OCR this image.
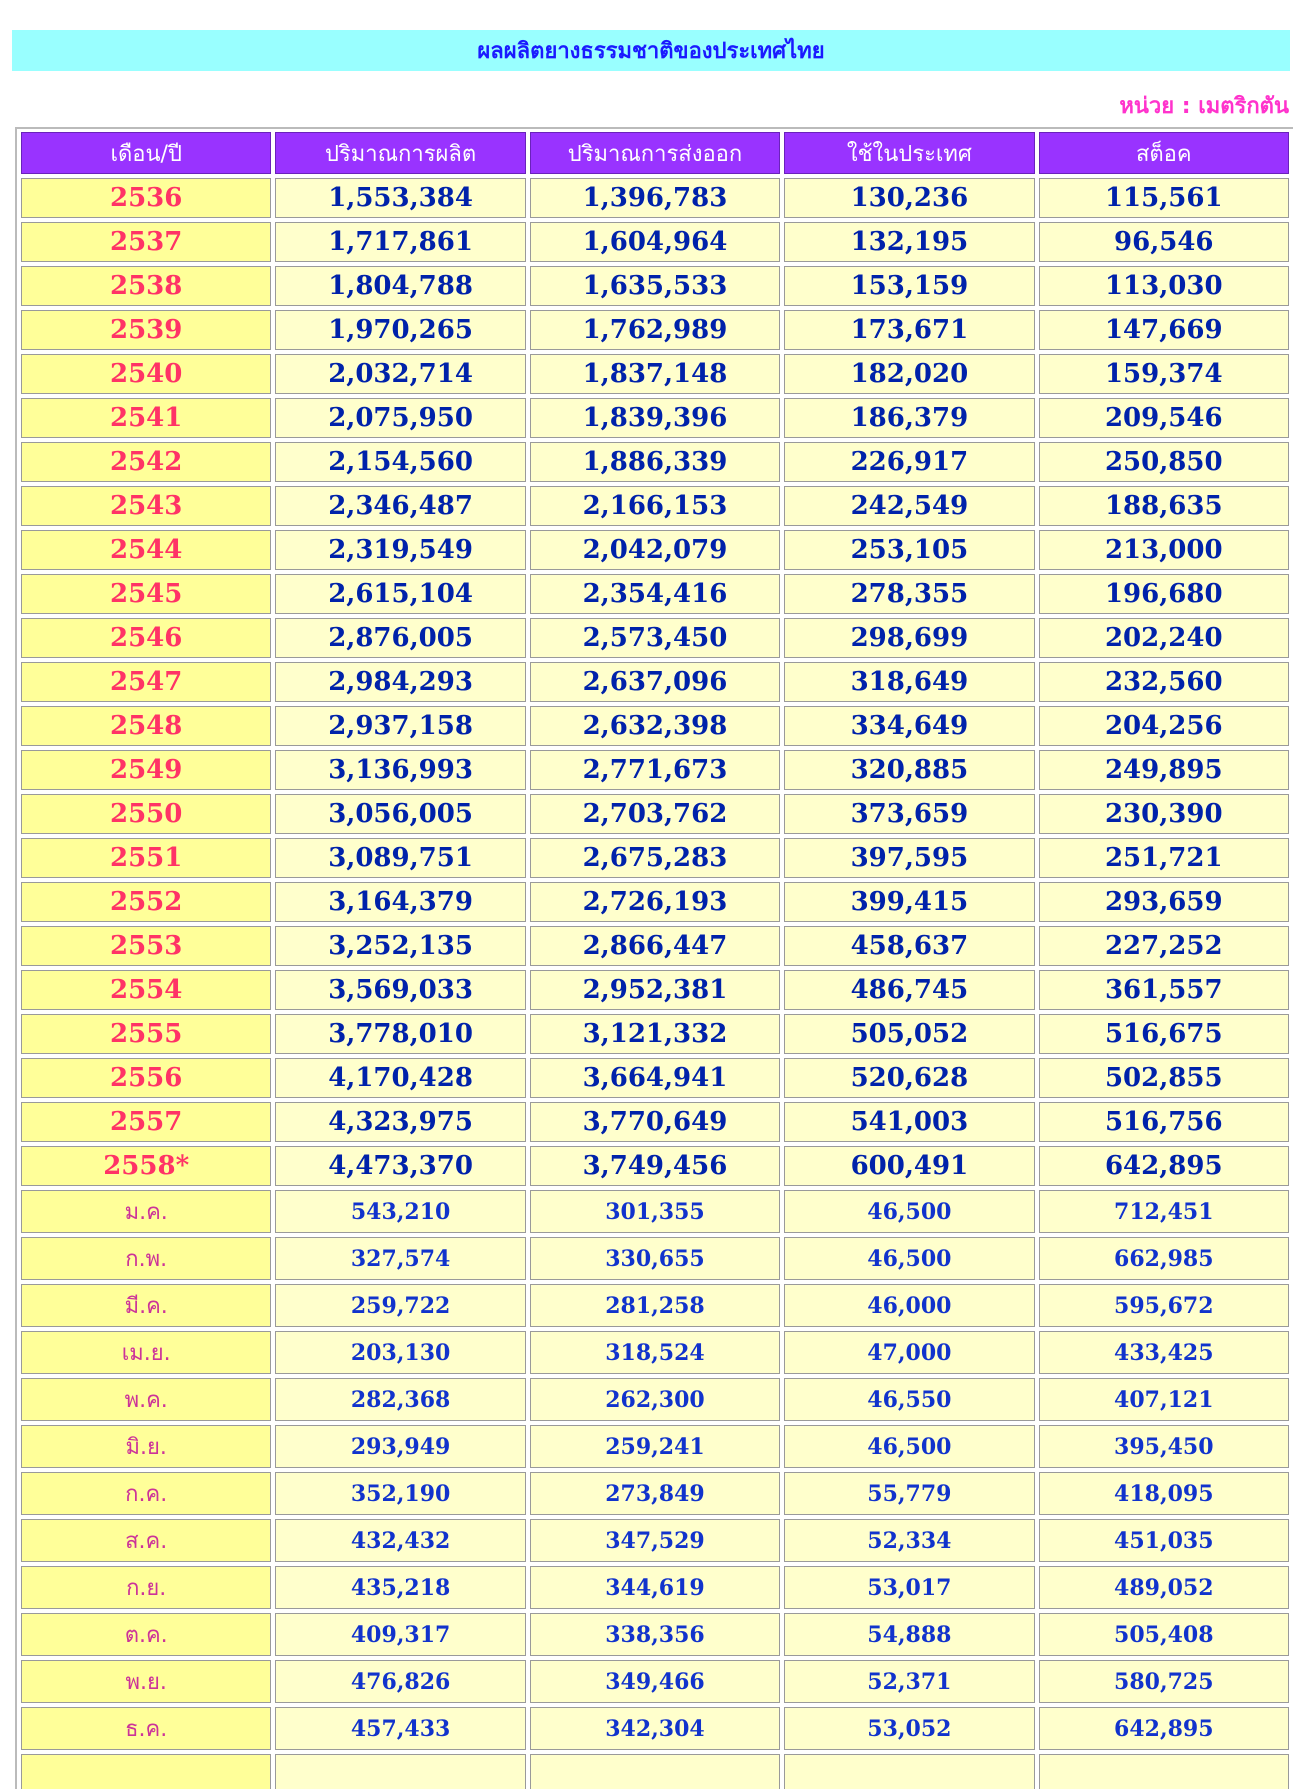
ผลผลิตยางธรรมชาติของประเทศไทย
หน่วย : เมตริกตัน
เดือน/ปี	ปริมาณการผลิต	ปริมาณการส่งออก	ใช้ในประเทศ	สต็อค
2536	1,553,384	1,396,783	130,236	115,561
2537	1,717,861	1,604,964	132,195	96,546
2538	1,804,788	1,635,533	153,159	113,030
2539	1,970,265	1,762,989	173,671	147,669
2540	2,032,714	1,837,148	182,020	159,374
2541	2,075,950	1,839,396	186,379	209,546
2542	2,154,560	1,886,339	226,917	250,850
2543	2,346,487	2,166,153	242,549	188,635
2544	2,319,549	2,042,079	253,105	213,000
2545	2,615,104	2,354,416	278,355	196,680
2546	2,876,005	2,573,450	298,699	202,240
2547	2,984,293	2,637,096	318,649	232,560
2548	2,937,158	2,632,398	334,649	204,256
2549	3,136,993	2,771,673	320,885	249,895
2550	3,056,005	2,703,762	373,659	230,390
2551	3,089,751	2,675,283	397,595	251,721
2552	3,164,379	2,726,193	399,415	293,659
2553	3,252,135	2,866,447	458,637	227,252
2554	3,569,033	2,952,381	486,745	361,557
2555	3,778,010	3,121,332	505,052	516,675
2556	4,170,428	3,664,941	520,628	502,855
2557	4,323,975	3,770,649	541,003	516,756
2558*	4,473,370	3,749,456	600,491	642,895
ม.ค.	543,210	301,355	46,500	712,451
ก.พ.	327,574	330,655	46,500	662,985
มี.ค.	259,722	281,258	46,000	595,672
เม.ย.	203,130	318,524	47,000	433,425
พ.ค.	282,368	262,300	46,550	407,121
มิ.ย.	293,949	259,241	46,500	395,450
ก.ค.	352,190	273,849	55,779	418,095
ส.ค.	432,432	347,529	52,334	451,035
ก.ย.	435,218	344,619	53,017	489,052
ต.ค.	409,317	338,356	54,888	505,408
พ.ย.	476,826	349,466	52,371	580,725
ธ.ค.	457,433	342,304	53,052	642,895
